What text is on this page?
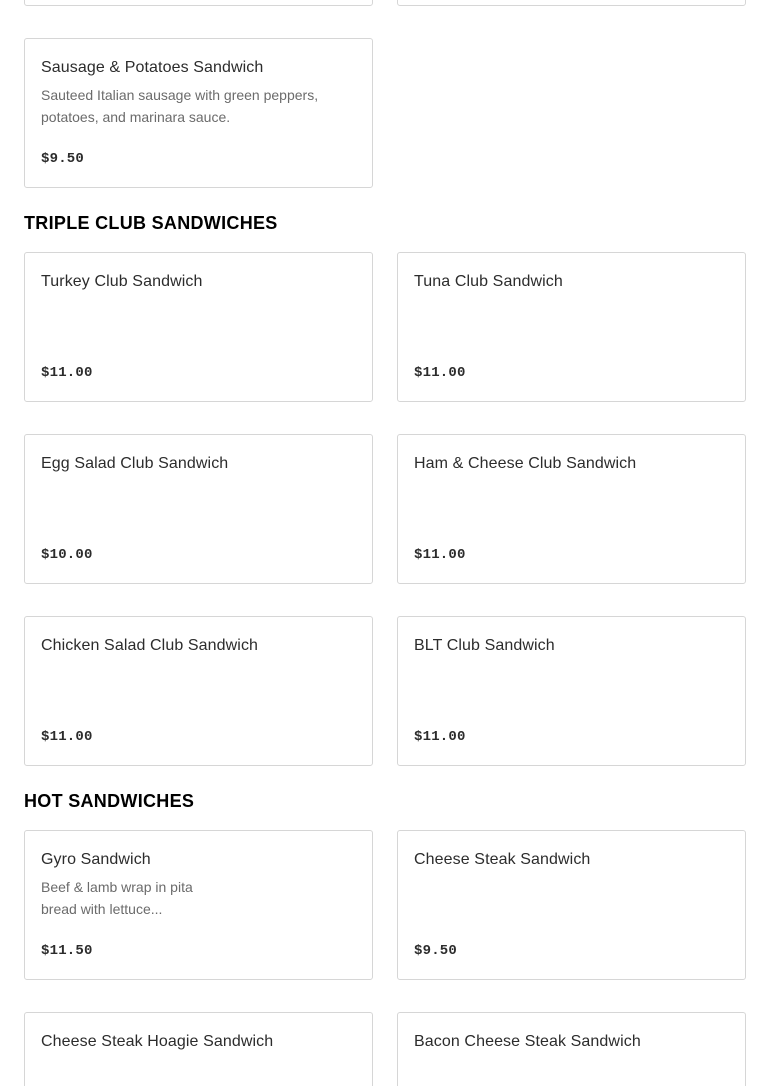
Sausage & Potatoes Sandwich
Sauteed Italian sausage with green peppers, potatoes, and marinara sauce.
$9.50
TRIPLE CLUB SANDWICHES
Turkey Club Sandwich
$11.00
Tuna Club Sandwich
$11.00
Egg Salad Club Sandwich
$10.00
Ham & Cheese Club Sandwich
$11.00
Chicken Salad Club Sandwich
$11.00
BLT Club Sandwich
$11.00
HOT SANDWICHES
Gyro Sandwich
Beef & lamb wrap in pita bread with lettuce...
$11.50
Cheese Steak Sandwich
$9.50
Cheese Steak Hoagie Sandwich	Bacon Cheese Steak Sandwich
